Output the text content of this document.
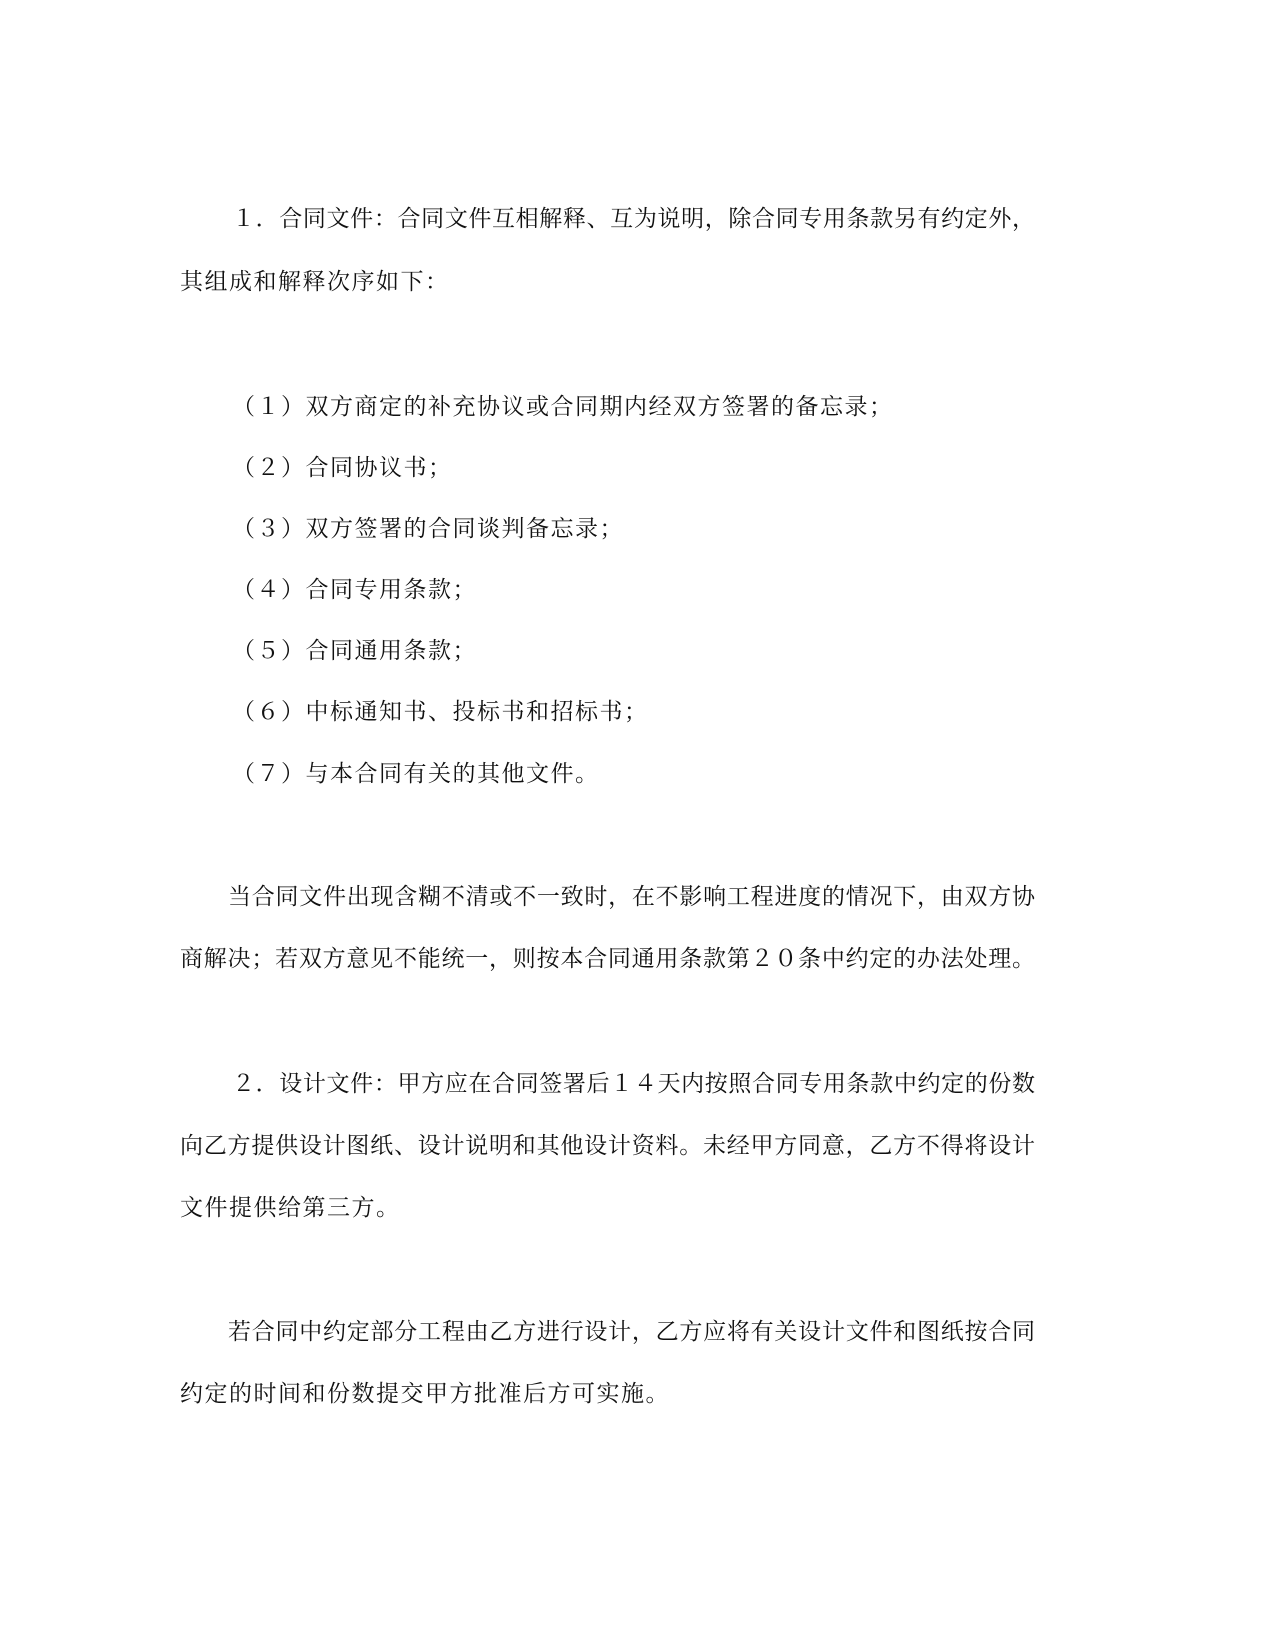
１．合同文件：合同文件互相解释、互为说明，除合同专用条款另有约定外，
其组成和解释次序如下：
（１）双方商定的补充协议或合同期内经双方签署的备忘录；
（２）合同协议书；
（３）双方签署的合同谈判备忘录；
（４）合同专用条款；
（５）合同通用条款；
（６）中标通知书、投标书和招标书；
（７）与本合同有关的其他文件。
当合同文件出现含糊不清或不一致时，在不影响工程进度的情况下，由双方协
商解决；若双方意见不能统一，则按本合同通用条款第２０条中约定的办法处理。
２．设计文件：甲方应在合同签署后１４天内按照合同专用条款中约定的份数
向乙方提供设计图纸、设计说明和其他设计资料。未经甲方同意，乙方不得将设计
文件提供给第三方。
若合同中约定部分工程由乙方进行设计，乙方应将有关设计文件和图纸按合同
约定的时间和份数提交甲方批准后方可实施。
